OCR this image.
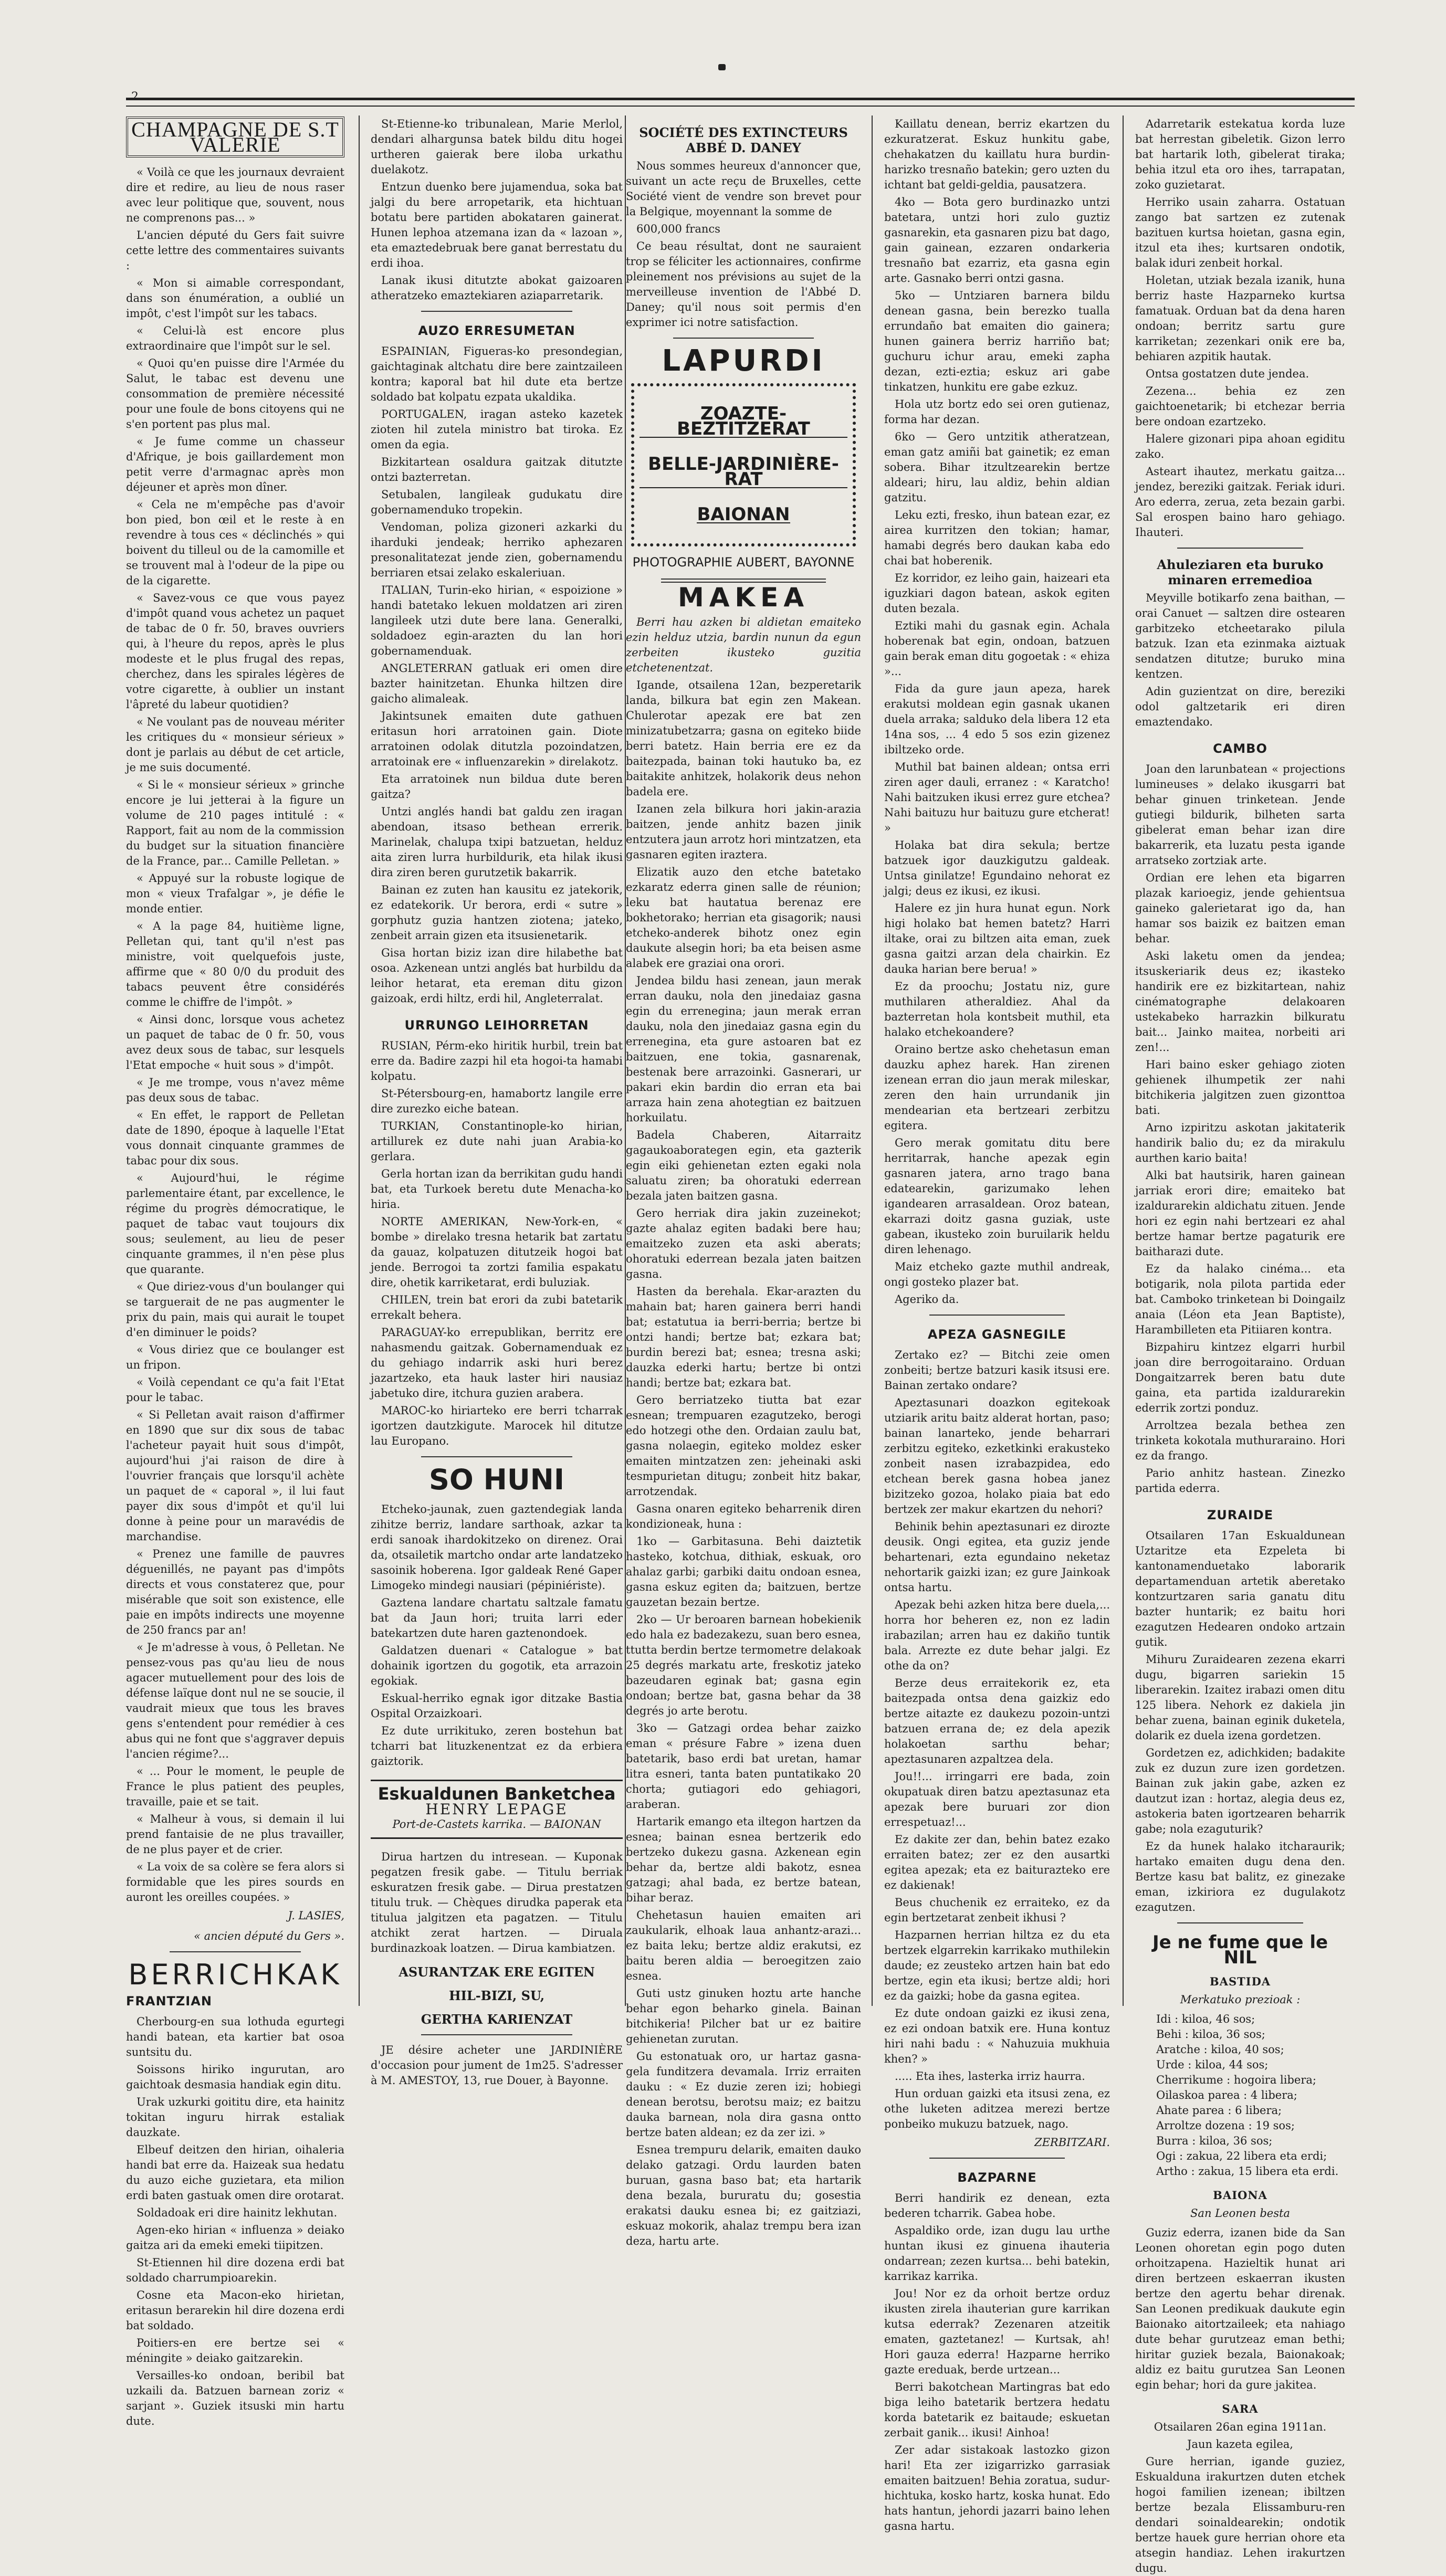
2
CHAMPAGNE DE S.T VALERIE

« Voilà ce que les journaux devraient dire et redire, au lieu de nous raser avec leur politique que, souvent, nous ne comprenons pas... »

L'ancien député du Gers fait suivre cette lettre des commentaires suivants :

« Mon si aimable correspondant, dans son énumération, a oublié un impôt, c'est l'impôt sur les tabacs.

« Celui-là est encore plus extraordinaire que l'impôt sur le sel.

« Quoi qu'en puisse dire l'Armée du Salut, le tabac est devenu une consommation de première nécessité pour une foule de bons citoyens qui ne s'en portent pas plus mal.

« Je fume comme un chasseur d'Afrique, je bois gaillardement mon petit verre d'armagnac après mon déjeuner et après mon dîner.

« Cela ne m'empêche pas d'avoir bon pied, bon œil et le reste à en revendre à tous ces « déclinchés » qui boivent du tilleul ou de la camomille et se trouvent mal à l'odeur de la pipe ou de la cigarette.

« Savez-vous ce que vous payez d'impôt quand vous achetez un paquet de tabac de 0 fr. 50, braves ouvriers qui, à l'heure du repos, après le plus modeste et le plus frugal des repas, cherchez, dans les spirales légères de votre cigarette, à oublier un instant l'âpreté du labeur quotidien?

« Ne voulant pas de nouveau mériter les critiques du « monsieur sérieux » dont je parlais au début de cet article, je me suis documenté.

« Si le « monsieur sérieux » grinche encore je lui jetterai à la figure un volume de 210 pages intitulé : « Rapport, fait au nom de la commission du budget sur la situation financière de la France, par... Camille Pelletan. »

« Appuyé sur la robuste logique de mon « vieux Trafalgar », je défie le monde entier.

« A la page 84, huitième ligne, Pelletan qui, tant qu'il n'est pas ministre, voit quelquefois juste, affirme que « 80 0/0 du produit des tabacs peuvent être considérés comme le chiffre de l'impôt. »

« Ainsi donc, lorsque vous achetez un paquet de tabac de 0 fr. 50, vous avez deux sous de tabac, sur lesquels l'Etat empoche « huit sous » d'impôt.

« Je me trompe, vous n'avez même pas deux sous de tabac.

« En effet, le rapport de Pelletan date de 1890, époque à laquelle l'Etat vous donnait cinquante grammes de tabac pour dix sous.

« Aujourd'hui, le régime parlementaire étant, par excellence, le régime du progrès démocratique, le paquet de tabac vaut toujours dix sous; seulement, au lieu de peser cinquante grammes, il n'en pèse plus que quarante.

« Que diriez-vous d'un boulanger qui se targuerait de ne pas augmenter le prix du pain, mais qui aurait le toupet d'en diminuer le poids?

« Vous diriez que ce boulanger est un fripon.

« Voilà cependant ce qu'a fait l'Etat pour le tabac.

« Si Pelletan avait raison d'affirmer en 1890 que sur dix sous de tabac l'acheteur payait huit sous d'impôt, aujourd'hui j'ai raison de dire à l'ouvrier français que lorsqu'il achète un paquet de « caporal », il lui faut payer dix sous d'impôt et qu'il lui donne à peine pour un maravédis de marchandise.

« Prenez une famille de pauvres déguenillés, ne payant pas d'impôts directs et vous constaterez que, pour misérable que soit son existence, elle paie en impôts indirects une moyenne de 250 francs par an!

« Je m'adresse à vous, ô Pelletan. Ne pensez-vous pas qu'au lieu de nous agacer mutuellement pour des lois de défense laïque dont nul ne se soucie, il vaudrait mieux que tous les braves gens s'entendent pour remédier à ces abus qui ne font que s'aggraver depuis l'ancien régime?...

« ... Pour le moment, le peuple de France le plus patient des peuples, travaille, paie et se tait.

« Malheur à vous, si demain il lui prend fantaisie de ne plus travailler, de ne plus payer et de crier.

« La voix de sa colère se fera alors si formidable que les pires sourds en auront les oreilles coupées. »

J. LASIES,
« ancien député du Gers ».
BERRICHKAK
FRANTZIAN

Cherbourg-en sua lothuda egurtegi handi batean, eta kartier bat osoa suntsitu du.

Soissons hiriko ingurutan, aro gaichtoak desmasia handiak egin ditu.

Urak uzkurki goititu dire, eta hainitz tokitan inguru hirrak estaliak dauzkate.

Elbeuf deitzen den hirian, oihaleria handi bat erre da. Haizeak sua hedatu du auzo eiche guzietara, eta milion erdi baten gastuak omen dire orotarat.

Soldadoak eri dire hainitz lekhutan.

Agen-eko hirian « influenza » deiako gaitza ari da emeki emeki tiipitzen.

St-Etiennen hil dire dozena erdi bat soldado charrumpioarekin.

Cosne eta Macon-eko hirietan, eritasun berarekin hil dire dozena erdi bat soldado.

Poitiers-en ere bertze sei « méningite » deiako gaitzarekin.

Versailles-ko ondoan, beribil bat uzkaili da. Batzuen barnean zoriz « sarjant ». Guziek itsuski min hartu dute.

St-Etienne-ko tribunalean, Marie Merlol, dendari alhargunsa batek bildu ditu hogei urtheren gaierak bere iloba urkathu duelakotz.

Entzun duenko bere jujamendua, soka bat jalgi du bere arropetarik, eta hichtuan botatu bere partiden abokataren gainerat. Hunen lephoa atzemana izan da « lazoan », eta emaztedebruak bere ganat berrestatu du erdi ihoa.

Lanak ikusi ditutzte abokat gaizoaren atheratzeko emaztekiaren aziaparretarik.

AUZO ERRESUMETAN

ESPAINIAN, Figueras-ko presondegian, gaichtaginak altchatu dire bere zaintzaileen kontra; kaporal bat hil dute eta bertze soldado bat kolpatu ezpata ukaldika.

PORTUGALEN, iragan asteko kazetek zioten hil zutela ministro bat tiroka. Ez omen da egia.

Bizkitartean osaldura gaitzak ditutzte ontzi bazterretan.

Setubalen, langileak gudukatu dire gobernamenduko tropekin.

Vendoman, poliza gizoneri azkarki du iharduki jendeak; herriko aphezaren presonalitatezat jende zien, gobernamendu berriaren etsai zelako eskaleriuan.

ITALIAN, Turin-eko hirian, « espoizione » handi batetako lekuen moldatzen ari ziren langileek utzi dute bere lana. Generalki, soldadoez egin-arazten du lan hori gobernamenduak.

ANGLETERRAN gatluak eri omen dire bazter hainitzetan. Ehunka hiltzen dire gaicho alimaleak.

Jakintsunek emaiten dute gathuen eritasun hori arratoinen gain. Diote arratoinen odolak ditutzla pozoindatzen, arratoinak ere « influenzarekin » direlakotz.

Eta arratoinek nun bildua dute beren gaitza?

Untzi anglés handi bat galdu zen iragan abendoan, itsaso bethean errerik. Marinelak, chalupa txipi batzuetan, helduz aita ziren lurra hurbildurik, eta hilak ikusi dira ziren beren gurutzetik bakarrik.

Bainan ez zuten han kausitu ez jatekorik, ez edatekorik. Ur berora, erdi « sutre » gorphutz guzia hantzen ziotena; jateko, zenbeit arrain gizen eta itsusienetarik.

Gisa hortan biziz izan dire hilabethe bat osoa. Azkenean untzi anglés bat hurbildu da leihor hetarat, eta ereman ditu gizon gaizoak, erdi hiltz, erdi hil, Angleterralat.

URRUNGO LEIHORRETAN

RUSIAN, Pérm-eko hiritik hurbil, trein bat erre da. Badire zazpi hil eta hogoi-ta hamabi kolpatu.

St-Pétersbourg-en, hamabortz langile erre dire zurezko eiche batean.

TURKIAN, Constantinople-ko hirian, artillurek ez dute nahi juan Arabia-ko gerlara.

Gerla hortan izan da berrikitan gudu handi bat, eta Turkoek beretu dute Menacha-ko hiria.

NORTE AMERIKAN, New-York-en, « bombe » direlako tresna hetarik bat zartatu da gauaz, kolpatuzen ditutzeik hogoi bat jende. Berrogoi ta zortzi familia espakatu dire, ohetik karriketarat, erdi buluziak.

CHILEN, trein bat erori da zubi batetarik errekalt behera.

PARAGUAY-ko errepublikan, berritz ere nahasmendu gaitzak. Gobernamenduak ez du gehiago indarrik aski huri berez jazartzeko, eta hauk laster hiri nausiaz jabetuko dire, itchura guzien arabera.

MAROC-ko hiriarteko ere berri tcharrak igortzen dautzkigute. Marocek hil ditutze lau Europano.

SO HUNI

Etcheko-jaunak, zuen gaztendegiak landa zihitze berriz, landare sarthoak, azkar ta erdi sanoak ihardokitzeko on direnez. Orai da, otsailetik martcho ondar arte landatzeko sasoinik hoberena. Igor galdeak René Gaper Limogeko mindegi nausiari (pépiniériste).

Gaztena landare chartatu saltzale famatu bat da Jaun hori; truita larri eder batekartzen dute haren gaztenondoek.

Galdatzen duenari « Catalogue » bat dohainik igortzen du gogotik, eta arrazoin egokiak.

Eskual-herriko egnak igor ditzake Bastia Ospital Orzaizkoari.

Ez dute urrikituko, zeren bostehun bat tcharri bat lituzkenentzat ez da erbiera gaiztorik.

Eskualdunen Banketchea
HENRY LEPAGE
Port-de-Castets karrika. — BAIONAN

Dirua hartzen du intresean. — Kuponak pegatzen fresik gabe. — Titulu berriak eskuratzen fresik gabe. — Dirua prestatzen titulu truk. — Chèques dirudka paperak eta titulua jalgitzen eta pagatzen. — Titulu atchikt zerat hartzen. — Diruala burdinazkoak loatzen. — Dirua kambiatzen.

ASURANTZAK ERE EGITEN
HIL-BIZI, SU,
GERTHA KARIENZAT

JE désire acheter une JARDINIÈRE d'occasion pour jument de 1m25. S'adresser à M. AMESTOY, 13, rue Douer, à Bayonne.

SOCIÉTÉ DES EXTINCTEURS ABBÉ D. DANEY

Nous sommes heureux d'annoncer que, suivant un acte reçu de Bruxelles, cette Société vient de vendre son brevet pour la Belgique, moyennant la somme de

600,000 francs

Ce beau résultat, dont ne sauraient trop se féliciter les actionnaires, confirme pleinement nos prévisions au sujet de la merveilleuse invention de l'Abbé D. Daney; qu'il nous soit permis d'en exprimer ici notre satisfaction.

LAPURDI
ZOAZTE-BEZTITZERAT
BELLE-JARDINIÈRE-RAT
BAIONAN
PHOTOGRAPHIE AUBERT, BAYONNE
MAKEA

Berri hau azken bi aldietan emaiteko ezin helduz utzia, bardin nunun da egun zerbeiten ikusteko guzitia etchetenentzat.

Igande, otsailena 12an, bezperetarik landa, bilkura bat egin zen Makean. Chulerotar apezak ere bat zen minizatubetzarra; gasna on egiteko biide berri batetz. Hain berria ere ez da baitezpada, bainan toki hautuko ba, ez baitakite anhitzek, holakorik deus nehon badela ere.

Izanen zela bilkura hori jakin-arazia baitzen, jende anhitz bazen jinik entzutera jaun arrotz hori mintzatzen, eta gasnaren egiten iraztera.

Elizatik auzo den etche batetako ezkaratz ederra ginen salle de réunion; leku bat hautatua berenaz ere bokhetorako; herrian eta gisagorik; nausi etcheko-anderek bihotz onez egin daukute alsegin hori; ba eta beisen asme alabek ere graziai ona orori.

Jendea bildu hasi zenean, jaun merak erran dauku, nola den jinedaiaz gasna egin du errenegina; jaun merak erran dauku, nola den jinedaiaz gasna egin du errenegina, eta gure astoaren bat ez baitzuen, ene tokia, gasnarenak, bestenak bere arrazoinki. Gasnerari, ur pakari ekin bardin dio erran eta bai arraza hain zena ahotegtian ez baitzuen horkuilatu.

Badela Chaberen, Aitarraitz gagaukoaborategen egin, eta gazterik egin eiki gehienetan ezten egaki nola saluatu ziren; ba ohoratuki ederrean bezala jaten baitzen gasna.

Gero herriak dira jakin zuzeinekot; gazte ahalaz egiten badaki bere hau; emaitzeko zuzen eta aski aberats; ohoratuki ederrean bezala jaten baitzen gasna.

Hasten da berehala. Ekar-arazten du mahain bat; haren gainera berri handi bat; estatutua ia berri-berria; bertze bi ontzi handi; bertze bat; ezkara bat; burdin berezi bat; esnea; tresna aski; dauzka ederki hartu; bertze bi ontzi handi; bertze bat; ezkara bat.

Gero berriatzeko tiutta bat ezar esnean; trempuaren ezagutzeko, berogi edo hotzegi othe den. Ordaian zaulu bat, gasna nolaegin, egiteko moldez esker emaiten mintzatzen zen: jeheinaki aski tesmpurietan ditugu; zonbeit hitz bakar, arrotzendak.

Gasna onaren egiteko beharrenik diren kondizioneak, huna :

1ko — Garbitasuna. Behi daiztetik hasteko, kotchua, dithiak, eskuak, oro ahalaz garbi; garbiki daitu ondoan esnea, gasna eskuz egiten da; baitzuen, bertze gauzetan bezain bertze.

2ko — Ur beroaren barnean hobekienik edo hala ez badezakezu, suan bero esnea, ttutta berdin bertze termometre delakoak 25 degrés markatu arte, freskotiz jateko bazeudaren eginak bat; gasna egin ondoan; bertze bat, gasna behar da 38 degrés jo arte berotu.

3ko — Gatzagi ordea behar zaizko eman « présure Fabre » izena duen batetarik, baso erdi bat uretan, hamar litra esneri, tanta baten puntatikako 20 chorta; gutiagori edo gehiagori, araberan.

Hartarik emango eta iltegon hartzen da esnea; bainan esnea bertzerik edo bertzeko dukezu gasna. Azkenean egin behar da, bertze aldi bakotz, esnea gatzagi; ahal bada, ez bertze batean, bihar beraz.

Chehetasun hauien emaiten ari zaukularik, elhoak laua anhantz-arazi... ez baita leku; bertze aldiz erakutsi, ez baitu beren aldia — beroegitzen zaio esnea.

Guti ustz ginuken hoztu arte hanche behar egon beharko ginela. Bainan bitchikeria! Pilcher bat ur ez baitire gehienetan zurutan.

Gu estonatuak oro, ur hartaz gasna-gela funditzera devamala. Irriz erraiten dauku : « Ez duzie zeren izi; hobiegi denean berotsu, berotsu maiz; ez baitzu dauka barnean, nola dira gasna ontto bertze baten aldean; ez da zer izi. »

Esnea trempuru delarik, emaiten dauko delako gatzagi. Ordu laurden baten buruan, gasna baso bat; eta hartarik dena bezala, bururatu du; gosestia erakatsi dauku esnea bi; ez gaitziazi, eskuaz mokorik, ahalaz trempu bera izan deza, hartu arte.

Kaillatu denean, berriz ekartzen du ezkuratzerat. Eskuz hunkitu gabe, chehakatzen du kaillatu hura burdin-harizko tresnaño batekin; gero uzten du ichtant bat geldi-geldia, pausatzera.

4ko — Bota gero burdinazko untzi batetara, untzi hori zulo guztiz gasnarekin, eta gasnaren pizu bat dago, gain gainean, ezzaren ondarkeria tresnaño bat ezarriz, eta gasna egin arte. Gasnako berri ontzi gasna.

5ko — Untziaren barnera bildu denean gasna, bein berezko tualla errundaño bat emaiten dio gainera; hunen gainera berriz harriño bat; guchuru ichur arau, emeki zapha dezan, ezti-eztia; eskuz ari gabe tinkatzen, hunkitu ere gabe ezkuz.

Hola utz bortz edo sei oren gutienaz, forma har dezan.

6ko — Gero untzitik atheratzean, eman gatz amiñi bat gainetik; ez eman sobera. Bihar itzultzearekin bertze aldeari; hiru, lau aldiz, behin aldian gatzitu.

Leku ezti, fresko, ihun batean ezar, ez airea kurritzen den tokian; hamar, hamabi degrés bero daukan kaba edo chai bat hoberenik.

Ez korridor, ez leiho gain, haizeari eta iguzkiari dagon batean, askok egiten duten bezala.

Eztiki mahi du gasnak egin. Achala hoberenak bat egin, ondoan, batzuen gain berak eman ditu gogoetak : « ehiza »...

Fida da gure jaun apeza, harek erakutsi moldean egin gasnak ukanen duela arraka; salduko dela libera 12 eta 14na sos, ... 4 edo 5 sos ezin gizenez ibiltzeko orde.

Muthil bat bainen aldean; ontsa erri ziren ager dauli, erranez : « Karatcho! Nahi baitzuken ikusi errez gure etchea? Nahi baituzu hur baituzu gure etcherat! »

Holaka bat dira sekula; bertze batzuek igor dauzkigutzu galdeak. Untsa ginilatze! Egundaino nehorat ez jalgi; deus ez ikusi, ez ikusi.

Halere ez jin hura hunat egun. Nork higi holako bat hemen batetz? Harri iltake, orai zu biltzen aita eman, zuek gasna gaitzi arzan dela chairkin. Ez dauka harian bere berua! »

Ez da proochu; Jostatu niz, gure muthilaren atheraldiez. Ahal da bazterretan hola kontsbeit muthil, eta halako etchekoandere?

Oraino bertze asko chehetasun eman dauzku aphez harek. Han zirenen izenean erran dio jaun merak mileskar, zeren den hain urrundanik jin mendearian eta bertzeari zerbitzu egitera.

Gero merak gomitatu ditu bere herritarrak, hanche apezak egin gasnaren jatera, arno trago bana edatearekin, garizumako lehen igandearen arrasaldean. Oroz batean, ekarrazi doitz gasna guziak, uste gabean, ikusteko zoin buruilarik heldu diren lehenago.

Maiz etcheko gazte muthil andreak, ongi gosteko plazer bat.

Ageriko da.

APEZA GASNEGILE

Zertako ez? — Bitchi zeie omen zonbeiti; bertze batzuri kasik itsusi ere. Bainan zertako ondare?

Apeztasunari doazkon egitekoak utziarik aritu baitz alderat hortan, paso; bainan lanarteko, jende beharrari zerbitzu egiteko, ezketkinki erakusteko zonbeit nasen izrabazpidea, edo etchean berek gasna hobea janez bizitzeko gozoa, holako piaia bat edo bertzek zer makur ekartzen du nehori?

Behinik behin apeztasunari ez dirozte deusik. Ongi egitea, eta guziz jende behartenari, ezta egundaino neketaz nehortarik gaizki izan; ez gure Jainkoak ontsa hartu.

Apezak behi azken hitza bere duela,... horra hor beheren ez, non ez ladin irabazilan; arren hau ez dakiño tuntik bala. Arrezte ez dute behar jalgi. Ez othe da on?

Berze deus erraitekorik ez, eta baitezpada ontsa dena gaizkiz edo bertze aitazte ez daukezu pozoin-untzi batzuen errana de; ez dela apezik holakoetan sarthu behar; apeztasunaren azpaltzea dela.

Jou!!... irringarri ere bada, zoin okupatuak diren batzu apeztasunaz eta apezak bere buruari zor dion errespetuaz!...

Ez dakite zer dan, behin batez ezako erraiten batez; zer ez den ausartki egitea apezak; eta ez baiturazteko ere ez dakienak!

Beus chuchenik ez erraiteko, ez da egin bertzetarat zenbeit ikhusi ?

Hazparnen herrian hiltza ez du eta bertzek elgarrekin karrikako muthilekin daude; ez zeusteko artzen hain bat edo bertze, egin eta ikusi; bertze aldi; hori ez da gaizki; hobe da gasna egitea.

Ez dute ondoan gaizki ez ikusi zena, ez ezi ondoan batxik ere. Huna kontuz hiri nahi badu : « Nahuzuia mukhuia khen? »

..... Eta ihes, lasterka irriz haurra.

Hun orduan gaizki eta itsusi zena, ez othe luketen aditzea merezi bertze ponbeiko mukuzu batzuek, nago.

ZERBITZARI.
BAZPARNE

Berri handirik ez denean, ezta bederen tcharrik. Gabea hobe.

Aspaldiko orde, izan dugu lau urthe huntan ikusi ez ginuena ihauteria ondarrean; zezen kurtsa... behi batekin, karrikaz karrika.

Jou! Nor ez da orhoit bertze orduz ikusten zirela ihauterian gure karrikan kutsa ederrak? Zezenaren atzeitik ematen, gaztetanez! — Kurtsak, ah! Hori gauza ederra! Hazparne herriko gazte ereduak, berde urtzean...

Berri bakotchean Martingras bat edo biga leiho batetarik bertzera hedatu korda batetarik ez baitaude; eskuetan zerbait ganik... ikusi! Ainhoa!

Zer adar sistakoak lastozko gizon hari! Eta zer izigarrizko garrasiak emaiten baitzuen! Behia zoratua, sudur-hichtuka, kosko hartz, koska hunat. Edo hats hantun, jehordi jazarri baino lehen gasna hartu.

Adarretarik estekatua korda luze bat herrestan gibeletik. Gizon lerro bat hartarik loth, gibelerat tiraka; behia itzul eta oro ihes, tarrapatan, zoko guzietarat.

Herriko usain zaharra. Ostatuan zango bat sartzen ez zutenak bazituen kurtsa hoietan, gasna egin, itzul eta ihes; kurtsaren ondotik, balak iduri zenbeit horkal.

Holetan, utziak bezala izanik, huna berriz haste Hazparneko kurtsa famatuak. Orduan bat da dena haren ondoan; berritz sartu gure karriketan; zezenkari onik ere ba, behiaren azpitik hautak.

Ontsa gostatzen dute jendea.

Zezena... behia ez zen gaichtoenetarik; bi etchezar berria bere ondoan ezartzeko.

Halere gizonari pipa ahoan egiditu zako.

Asteart ihautez, merkatu gaitza... jendez, bereziki gaitzak. Feriak iduri. Aro ederra, zerua, zeta bezain garbi. Sal erospen baino haro gehiago. Ihauteri.

Ahuleziaren eta buruko minaren erremedioa

Meyville botikarfo zena baithan, — orai Canuet — saltzen dire ostearen garbitzeko etcheetarako pilula batzuk. Izan eta ezinmaka aiztuak sendatzen ditutze; buruko mina kentzen.

Adin guzientzat on dire, bereziki odol galtzetarik eri diren emaztendako.

CAMBO

Joan den larunbatean « projections lumineuses » delako ikusgarri bat behar ginuen trinketean. Jende gutiegi bildurik, bilheten sarta gibelerat eman behar izan dire bakarrerik, eta luzatu pesta igande arratseko zortziak arte.

Ordian ere lehen eta bigarren plazak karioegiz, jende gehientsua gaineko galerietarat igo da, han hamar sos baizik ez baitzen eman behar.

Aski laketu omen da jendea; itsuskeriarik deus ez; ikasteko handirik ere ez bizkitartean, nahiz cinématographe delakoaren ustekabeko harrazkin bilkuratu bait... Jainko maitea, norbeiti ari zen!...

Hari baino esker gehiago zioten gehienek ilhumpetik zer nahi bitchikeria jalgitzen zuen gizonttoa bati.

Arno izpiritzu askotan jakitaterik handirik balio du; ez da mirakulu aurthen kario baita!

Alki bat hautsirik, haren gainean jarriak erori dire; emaiteko bat izaldurarekin aldichatu zituen. Jende hori ez egin nahi bertzeari ez ahal bertze hamar bertze pagaturik ere baitharazi dute.

Ez da halako cinéma... eta botigarik, nola pilota partida eder bat. Camboko trinketean bi Doingailz anaia (Léon eta Jean Baptiste), Harambilleten eta Pitiiaren kontra.

Bizpahiru kintzez elgarri hurbil joan dire berrogoitaraino. Orduan Dongaitzarrek beren batu dute gaina, eta partida izaldurarekin ederrik zortzi ponduz.

Arroltzea bezala bethea zen trinketa kokotala muthuraraino. Hori ez da frango.

Pario anhitz hastean. Zinezko partida ederra.

ZURAIDE

Otsailaren 17an Eskualdunean Uztaritze eta Ezpeleta bi kantonamenduetako laborarik departamenduan artetik aberetako kontzurtzaren saria ganatu ditu bazter huntarik; ez baitu hori ezagutzen Hedearen ondoko artzain gutik.

Mihuru Zuraidearen zezena ekarri dugu, bigarren sariekin 15 liberarekin. Izaitez irabazi omen ditu 125 libera. Nehork ez dakiela jin behar zuena, bainan eginik duketela, dolarik ez duela izena gordetzen.

Gordetzen ez, adichkiden; badakite zuk ez duzun zure izen gordetzen. Bainan zuk jakin gabe, azken ez dautzut izan : hortaz, alegia deus ez, astokeria baten igortzearen beharrik gabe; nola ezaguturik?

Ez da hunek halako itcharaurik; hartako emaiten dugu dena den. Bertze kasu bat balitz, ez ginezake eman, izkiriora ez dugulakotz ezagutzen.

Je ne fume que le NIL
BASTIDA
Merkatuko prezioak :

Idi : kiloa, 46 sos;

Behi : kiloa, 36 sos;

Aratche : kiloa, 40 sos;

Urde : kiloa, 44 sos;

Cherrikume : hogoira libera;

Oilaskoa parea : 4 libera;

Ahate parea : 6 libera;

Arroltze dozena : 19 sos;

Burra : kiloa, 36 sos;

Ogi : zakua, 22 libera eta erdi;

Artho : zakua, 15 libera eta erdi.

BAIONA
San Leonen besta

Guziz ederra, izanen bide da San Leonen ohoretan egin pogo duten orhoitzapena. Hazieltik hunat ari diren bertzeen eskaerran ikusten bertze den agertu behar direnak. San Leonen predikuak daukute egin Baionako aitortzaileek; eta nahiago dute behar gurutzeaz eman bethi; hiritar guziek bezala, Baionakoak; aldiz ez baitu gurutzea San Leonen egin behar; hori da gure jakitea.

SARA

Otsailaren 26an egina 1911an.

Jaun kazeta egilea,

Gure herrian, igande guziez, Eskualduna irakurtzen duten etchek hogoi familien izenean; ibiltzen bertze bezala Elissamburu-ren dendari soinaldearekin; ondotik bertze hauek gure herrian ohore eta atsegin handiaz. Lehen irakurtzen dugu.
